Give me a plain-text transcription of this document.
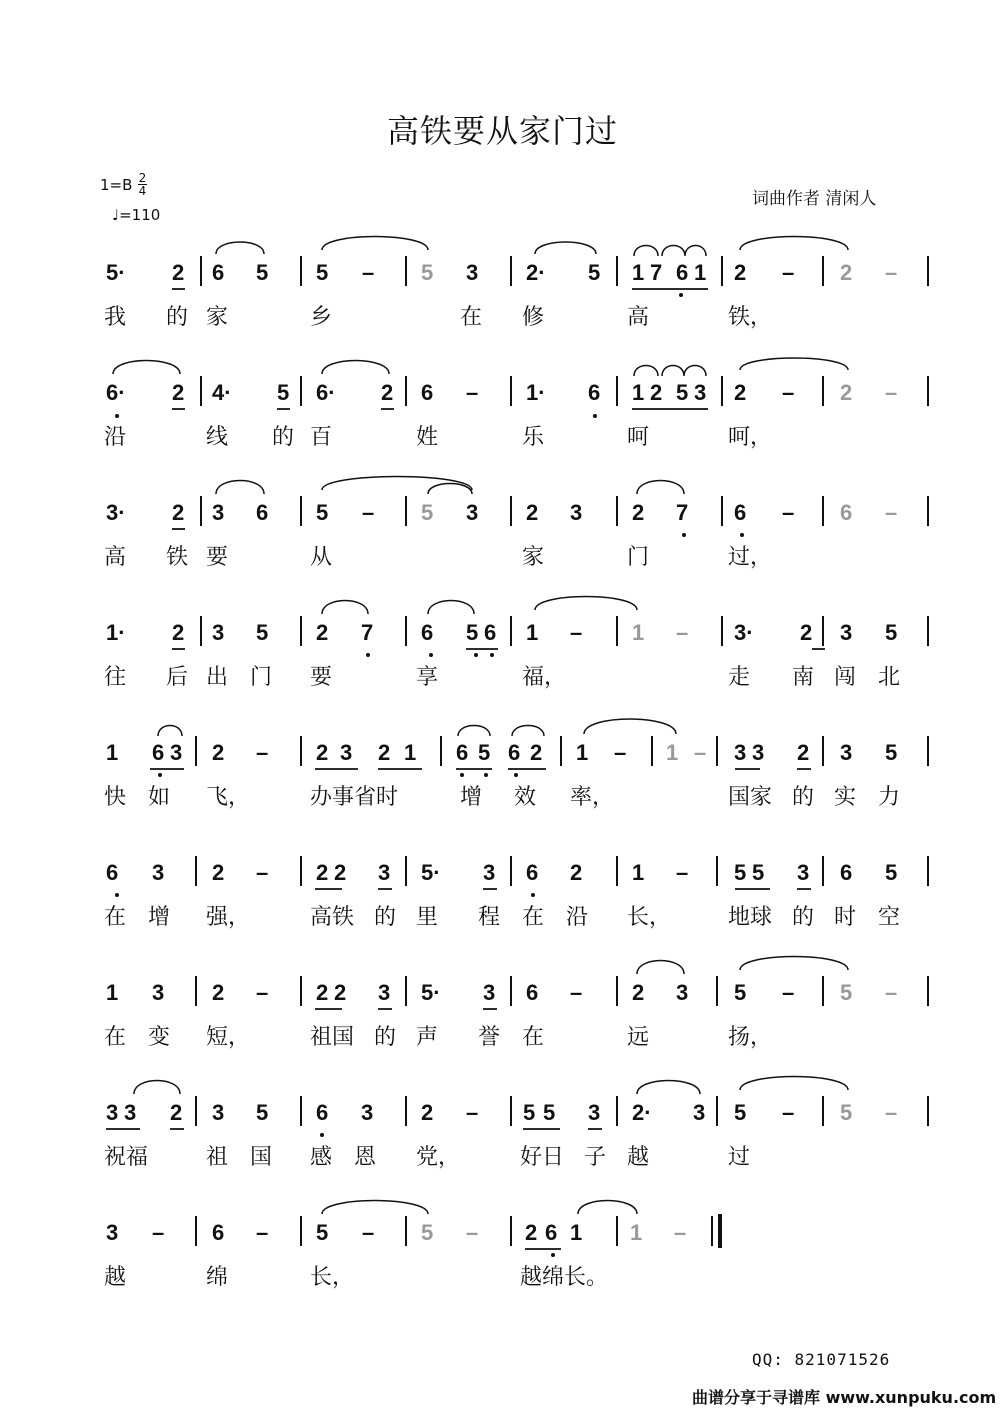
高铁要从家门过
1=B 2
4
♩=110
词曲作者 清闲人
5· 2 6 5 5 – 5 3 2· 5 1 7 6 1 2 – 2 –
6· 2 4· 5 6· 2 6 – 1· 6 1 2 5 3 2 – 2 –
3· 2 3 6 5 – 5 3 2 3 2 7 6 – 6 –
1· 2 3 5 2 7 6 5 6 1 – 1 – 3· 2 3 5
1 6 3 2 – 2 3 2 1 6 5 6 2 1 – 1 – 3 3 2 3 5
6 3 2 – 2 2 3 5· 3 6 2 1 – 5 5 3 6 5
1 3 2 – 2 2 3 5· 3 6 – 2 3 5 – 5 –
3 3 2 3 5 6 3 2 – 5 5 3 2· 3 5 – 5 –
3 – 6 – 5 – 5 – 2 6 1 1 –
我 的 家	乡	在 修	高	铁，
沿	线 的 百	姓	乐	呵	呵，
高 铁 要	从	家	门	过，
往 后 出 门 要	享	福，	走 南 闯 北
快 如 飞，	办事省时	增 效 率，	国家 的 实 力
在 增 强，	高铁 的 里 程 在 沿 长，	地球 的 时 空
在 变 短，	祖国 的 声 誉 在	远	扬，
祝福	祖 国 感 恩 党，	好日 子 越	过
越	绵	长，	越绵长。
QQ: 821071526
曲谱分享于寻谱库 www.xunpuku.com
